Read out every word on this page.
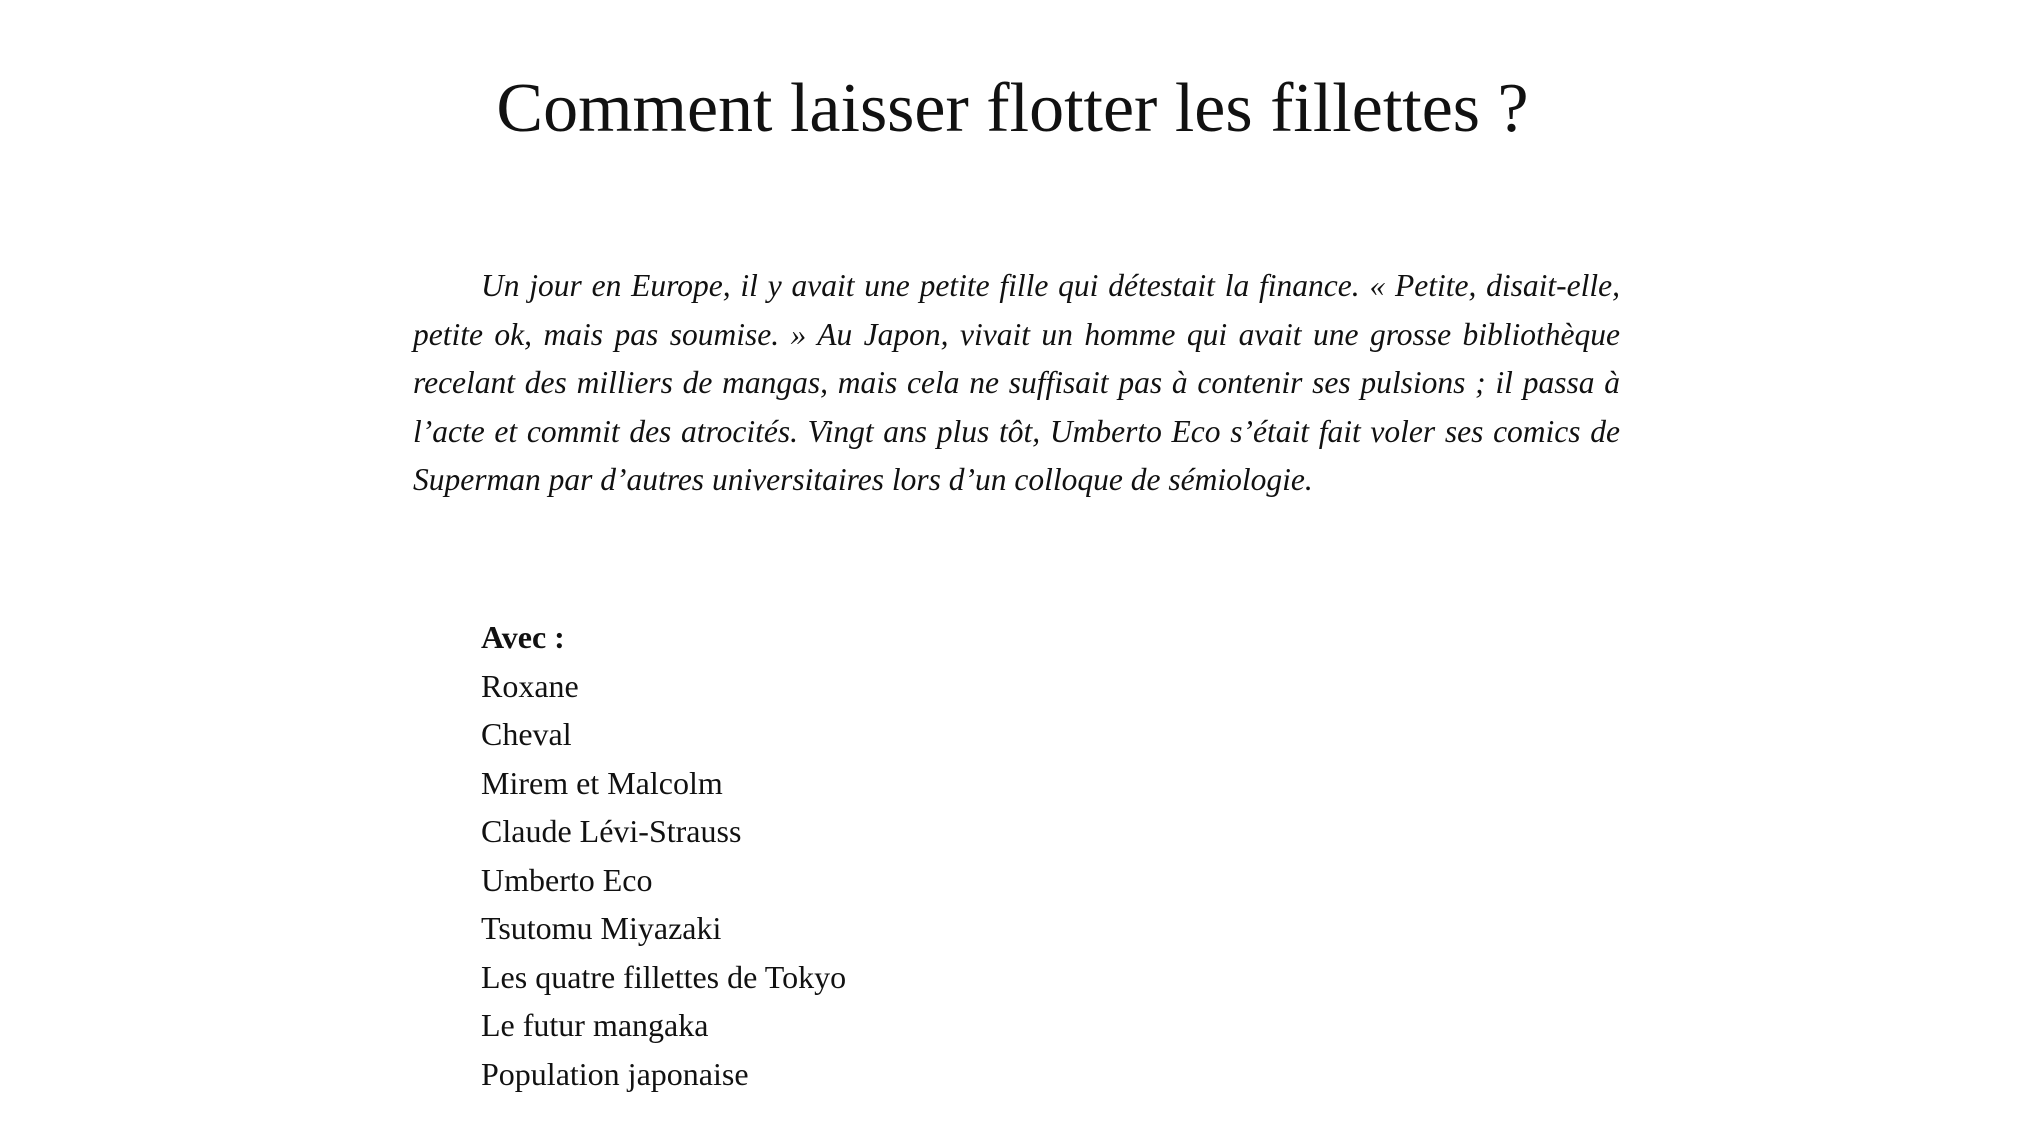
Comment laisser flotter les fillettes ?

Un jour en Europe, il y avait une petite fille qui détestait la finance. « Petite, disait-elle, petite ok, mais pas soumise. » Au Japon, vivait un homme qui avait une grosse bibliothèque recelant des milliers de mangas, mais cela ne suffisait pas à contenir ses pulsions ; il passa à l’acte et commit des atrocités. Vingt ans plus tôt, Umberto Eco s’était fait voler ses comics de Superman par d’autres universitaires lors d’un colloque de sémiologie.

Avec :

Roxane
Cheval
Mirem et Malcolm
Claude Lévi-Strauss
Umberto Eco
Tsutomu Miyazaki
Les quatre fillettes de Tokyo
Le futur mangaka
Population japonaise
